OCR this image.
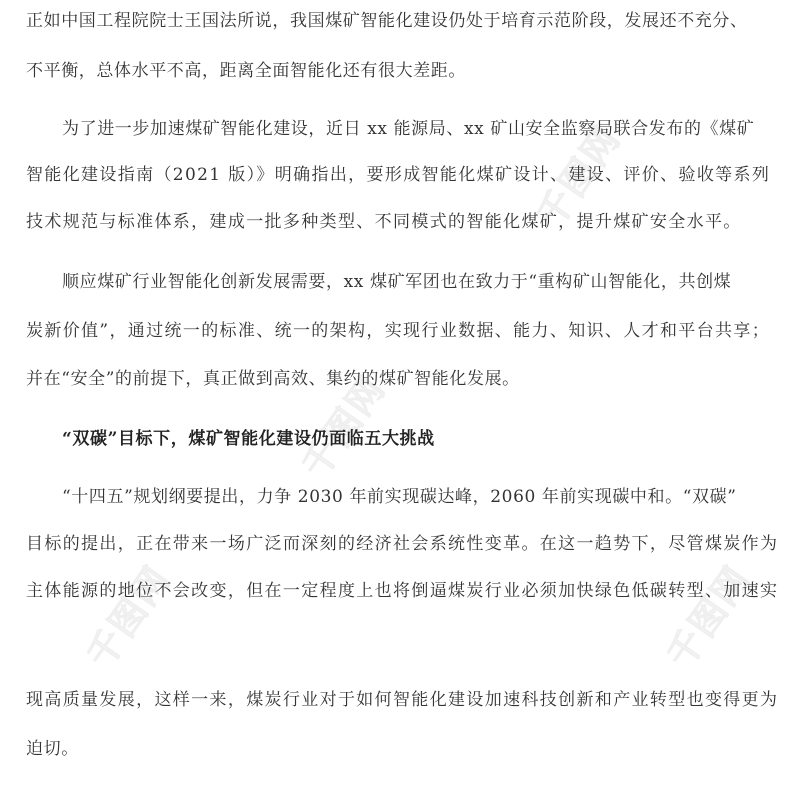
千图网
千图网
千图网	千图网
正如中国工程院院士王国法所说，我国煤矿智能化建设仍处于培育示范阶段，发展还不充分、
不平衡，总体水平不高，距离全面智能化还有很大差距。
为了进一步加速煤矿智能化建设，近日 xx 能源局、xx 矿山安全监察局联合发布的《煤矿
智能化建设指南（2021 版）》明确指出，要形成智能化煤矿设计、建设、评价、验收等系列
技术规范与标准体系，建成一批多种类型、不同模式的智能化煤矿，提升煤矿安全水平。
顺应煤矿行业智能化创新发展需要，xx 煤矿军团也在致力于“重构矿山智能化，共创煤
炭新价值”，通过统一的标准、统一的架构，实现行业数据、能力、知识、人才和平台共享；
并在“安全”的前提下，真正做到高效、集约的煤矿智能化发展。
“双碳”目标下，煤矿智能化建设仍面临五大挑战
“十四五”规划纲要提出，力争 2030 年前实现碳达峰，2060 年前实现碳中和。“双碳”
目标的提出，正在带来一场广泛而深刻的经济社会系统性变革。在这一趋势下，尽管煤炭作为
主体能源的地位不会改变，但在一定程度上也将倒逼煤炭行业必须加快绿色低碳转型、加速实
现高质量发展，这样一来，煤炭行业对于如何智能化建设加速科技创新和产业转型也变得更为
迫切。
